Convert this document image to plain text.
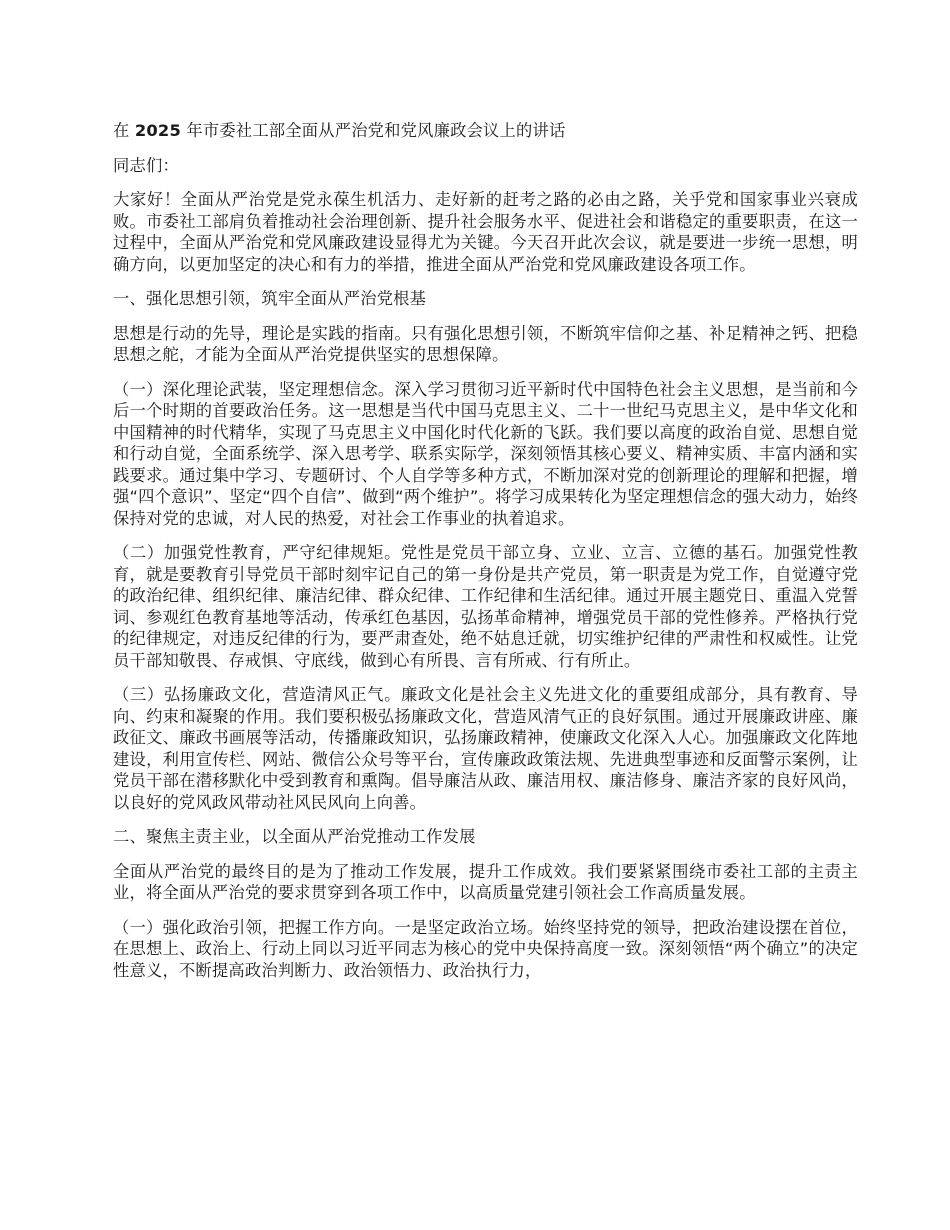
在 2025 年市委社工部全面从严治党和党风廉政会议上的讲话

同志们：

大家好！全面从严治党是党永葆生机活力、走好新的赶考之路的必由之路，关乎党和国家事业兴衰成败。市委社工部肩负着推动社会治理创新、提升社会服务水平、促进社会和谐稳定的重要职责，在这一过程中，全面从严治党和党风廉政建设显得尤为关键。今天召开此次会议，就是要进一步统一思想，明确方向，以更加坚定的决心和有力的举措，推进全面从严治党和党风廉政建设各项工作。

一、强化思想引领，筑牢全面从严治党根基

思想是行动的先导，理论是实践的指南。只有强化思想引领，不断筑牢信仰之基、补足精神之钙、把稳思想之舵，才能为全面从严治党提供坚实的思想保障。

（一）深化理论武装，坚定理想信念。深入学习贯彻习近平新时代中国特色社会主义思想，是当前和今后一个时期的首要政治任务。这一思想是当代中国马克思主义、二十一世纪马克思主义，是中华文化和中国精神的时代精华，实现了马克思主义中国化时代化新的飞跃。我们要以高度的政治自觉、思想自觉和行动自觉，全面系统学、深入思考学、联系实际学，深刻领悟其核心要义、精神实质、丰富内涵和实践要求。通过集中学习、专题研讨、个人自学等多种方式，不断加深对党的创新理论的理解和把握，增强“四个意识”、坚定“四个自信”、做到“两个维护”。将学习成果转化为坚定理想信念的强大动力，始终保持对党的忠诚，对人民的热爱，对社会工作事业的执着追求。

（二）加强党性教育，严守纪律规矩。党性是党员干部立身、立业、立言、立德的基石。加强党性教育，就是要教育引导党员干部时刻牢记自己的第一身份是共产党员，第一职责是为党工作，自觉遵守党的政治纪律、组织纪律、廉洁纪律、群众纪律、工作纪律和生活纪律。通过开展主题党日、重温入党誓词、参观红色教育基地等活动，传承红色基因，弘扬革命精神，增强党员干部的党性修养。严格执行党的纪律规定，对违反纪律的行为，要严肃查处，绝不姑息迁就，切实维护纪律的严肃性和权威性。让党员干部知敬畏、存戒惧、守底线，做到心有所畏、言有所戒、行有所止。

（三）弘扬廉政文化，营造清风正气。廉政文化是社会主义先进文化的重要组成部分，具有教育、导向、约束和凝聚的作用。我们要积极弘扬廉政文化，营造风清气正的良好氛围。通过开展廉政讲座、廉政征文、廉政书画展等活动，传播廉政知识，弘扬廉政精神，使廉政文化深入人心。加强廉政文化阵地建设，利用宣传栏、网站、微信公众号等平台，宣传廉政政策法规、先进典型事迹和反面警示案例，让党员干部在潜移默化中受到教育和熏陶。倡导廉洁从政、廉洁用权、廉洁修身、廉洁齐家的良好风尚，以良好的党风政风带动社风民风向上向善。

二、聚焦主责主业，以全面从严治党推动工作发展

全面从严治党的最终目的是为了推动工作发展，提升工作成效。我们要紧紧围绕市委社工部的主责主业，将全面从严治党的要求贯穿到各项工作中，以高质量党建引领社会工作高质量发展。

（一）强化政治引领，把握工作方向。一是坚定政治立场。始终坚持党的领导，把政治建设摆在首位，在思想上、政治上、行动上同以习近平同志为核心的党中央保持高度一致。深刻领悟“两个确立”的决定性意义，不断提高政治判断力、政治领悟力、政治执行力，
